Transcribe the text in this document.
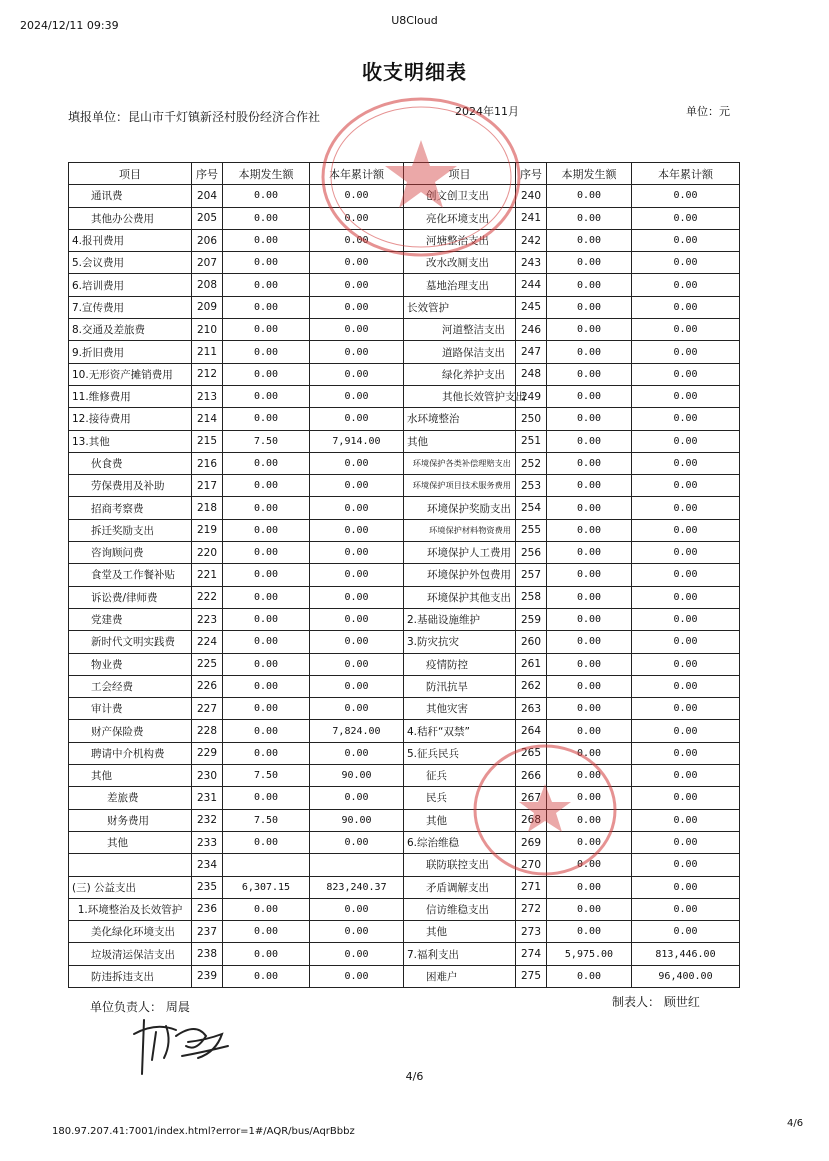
2024/12/11 09:39	U8Cloud
收支明细表
填报单位：昆山市千灯镇新泾村股份经济合作社	2024年11月	单位：元
项目	序号	本期发生额	本年累计额	项目	序号	本期发生额	本年累计额
通讯费	204	0.00	0.00	创文创卫支出	240	0.00	0.00
其他办公费用	205	0.00	0.00	亮化环境支出	241	0.00	0.00
4.报刊费用	206	0.00	0.00	河塘整治支出	242	0.00	0.00
5.会议费用	207	0.00	0.00	改水改厕支出	243	0.00	0.00
6.培训费用	208	0.00	0.00	墓地治理支出	244	0.00	0.00
7.宣传费用	209	0.00	0.00	长效管护	245	0.00	0.00
8.交通及差旅费	210	0.00	0.00	河道整洁支出	246	0.00	0.00
9.折旧费用	211	0.00	0.00	道路保洁支出	247	0.00	0.00
10.无形资产摊销费用	212	0.00	0.00	绿化养护支出	248	0.00	0.00
11.维修费用	213	0.00	0.00	其他长效管护支出	249	0.00	0.00
12.接待费用	214	0.00	0.00	水环境整治	250	0.00	0.00
13.其他	215	7.50	7,914.00	其他	251	0.00	0.00
伙食费	216	0.00	0.00	环境保护各类补偿理赔支出	252	0.00	0.00
劳保费用及补助	217	0.00	0.00	环境保护项目技术服务费用	253	0.00	0.00
招商考察费	218	0.00	0.00	环境保护奖励支出	254	0.00	0.00
拆迁奖励支出	219	0.00	0.00	环境保护材料物资费用	255	0.00	0.00
咨询顾问费	220	0.00	0.00	环境保护人工费用	256	0.00	0.00
食堂及工作餐补贴	221	0.00	0.00	环境保护外包费用	257	0.00	0.00
诉讼费/律师费	222	0.00	0.00	环境保护其他支出	258	0.00	0.00
党建费	223	0.00	0.00	2.基础设施维护	259	0.00	0.00
新时代文明实践费	224	0.00	0.00	3.防灾抗灾	260	0.00	0.00
物业费	225	0.00	0.00	疫情防控	261	0.00	0.00
工会经费	226	0.00	0.00	防汛抗旱	262	0.00	0.00
审计费	227	0.00	0.00	其他灾害	263	0.00	0.00
财产保险费	228	0.00	7,824.00	4.秸秆“双禁”	264	0.00	0.00
聘请中介机构费	229	0.00	0.00	5.征兵民兵	265	0.00	0.00
其他	230	7.50	90.00	征兵	266	0.00	0.00
差旅费	231	0.00	0.00	民兵	267	0.00	0.00
财务费用	232	7.50	90.00	其他	268	0.00	0.00
其他	233	0.00	0.00	6.综治维稳	269	0.00	0.00
	234			联防联控支出	270	0.00	0.00
(三) 公益支出	235	6,307.15	823,240.37	矛盾调解支出	271	0.00	0.00
1.环境整治及长效管护	236	0.00	0.00	信访维稳支出	272	0.00	0.00
美化绿化环境支出	237	0.00	0.00	其他	273	0.00	0.00
垃圾清运保洁支出	238	0.00	0.00	7.福利支出	274	5,975.00	813,446.00
防违拆违支出	239	0.00	0.00	困难户	275	0.00	96,400.00
单位负责人： 周晨	制表人： 顾世红
4/6
180.97.207.41:7001/index.html?error=1#/AQR/bus/AqrBbbz
4/6
